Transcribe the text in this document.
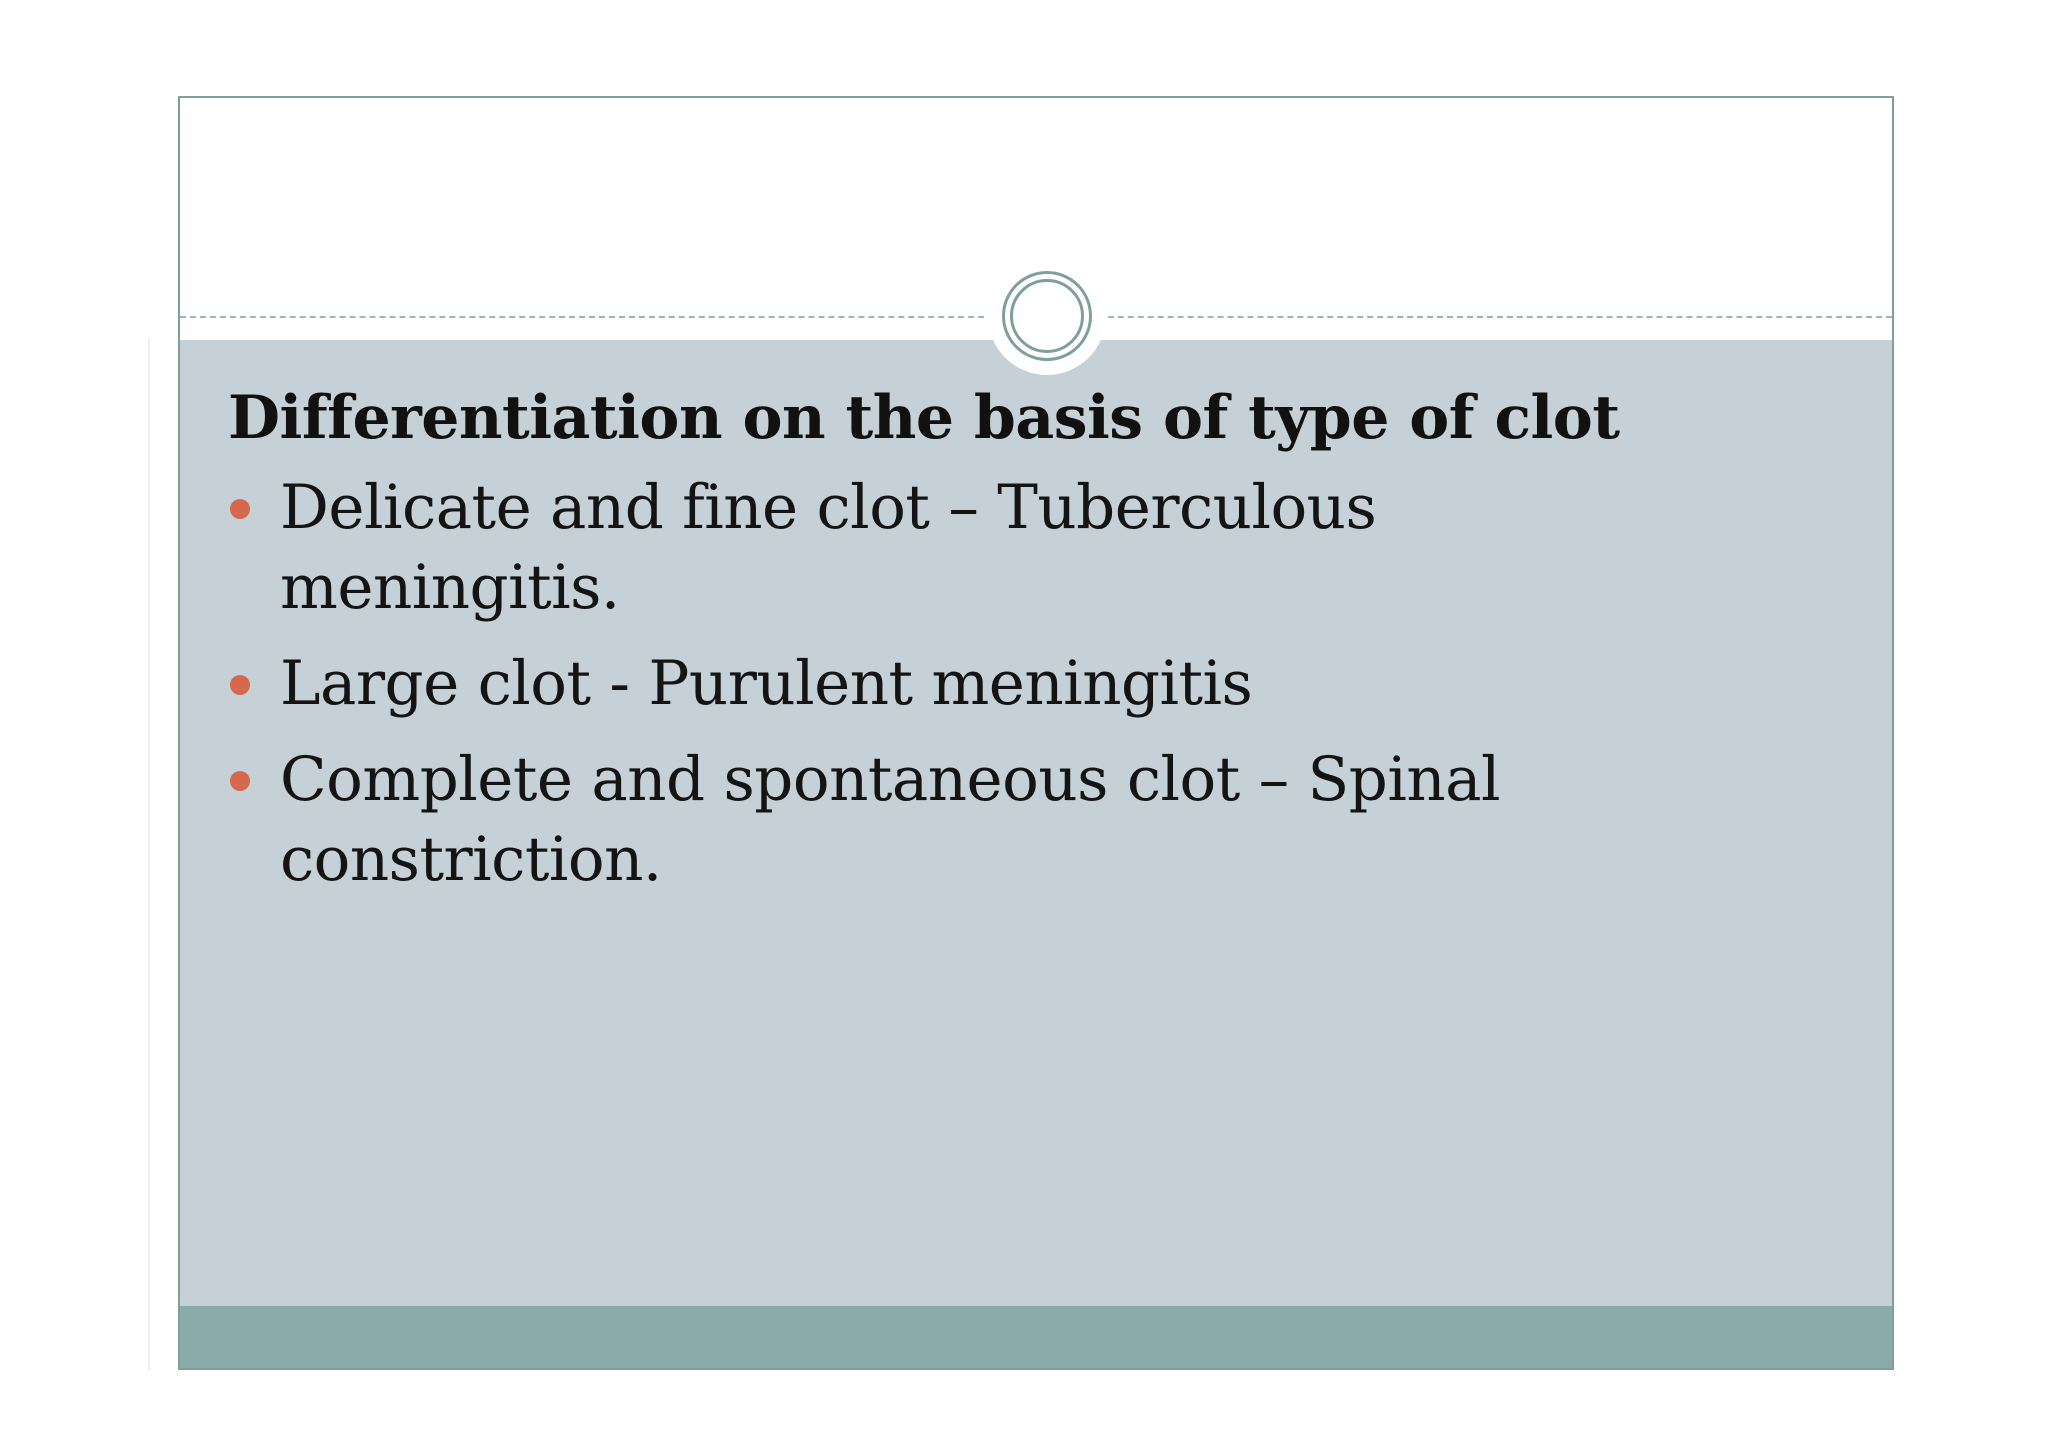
Differentiation on the basis of type of clot
Delicate and fine clot – Tuberculous meningitis.
Large clot - Purulent meningitis
Complete and spontaneous clot – Spinal constriction.
